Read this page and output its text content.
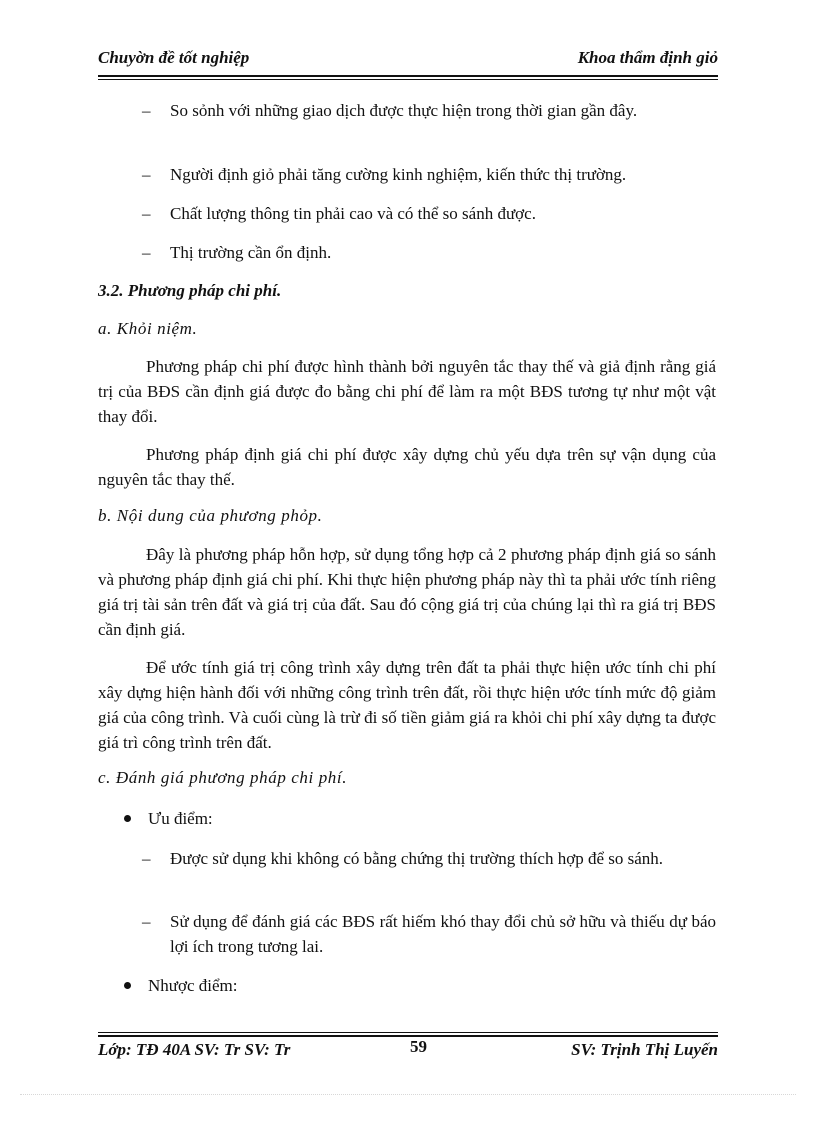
Chuyờn đề tốt nghiệp	Khoa thẩm định giỏ
– So sỏnh với những giao dịch được thực hiện trong thời gian gần đây.
– Người định giỏ phải tăng cường kinh nghiệm, kiến thức thị trường.
– Chất lượng thông tin phải cao và có thể so sánh được.
– Thị trường cần ổn định.
3.2. Phương pháp chi phí.
a. Khỏi niệm.
Phương pháp chi phí được hình thành bởi nguyên tắc thay thế và giả định rằng giá trị của BĐS cần định giá được đo bằng chi phí để làm ra một BĐS tương tự như một vật thay đổi.
Phương pháp định giá chi phí được xây dựng chủ yếu dựa trên sự vận dụng của nguyên tắc thay thế.
b. Nội dung của phương phỏp.
Đây là phương pháp hỗn hợp, sử dụng tổng hợp cả 2 phương pháp định giá so sánh và phương pháp định giá chi phí. Khi thực hiện phương pháp này thì ta phải ước tính riêng giá trị tài sản trên đất và giá trị của đất. Sau đó cộng giá trị của chúng lại thì ra giá trị BĐS cần định giá.
Để ước tính giá trị công trình xây dựng trên đất ta phải thực hiện ước tính chi phí xây dựng hiện hành đối với những công trình trên đất, rồi thực hiện ước tính mức độ giảm giá của công trình. Và cuối cùng là trừ đi số tiền giảm giá ra khỏi chi phí xây dựng ta được giá trì công trình trên đất.
c. Đánh giá phương pháp chi phí.
Ưu điểm:
– Được sử dụng khi không có bằng chứng thị trường thích hợp để so sánh.
– Sử dụng để đánh giá các BĐS rất hiếm khó thay đổi chủ sở hữu và thiếu dự báo lợi ích trong tương lai.
Nhược điểm:
Lớp: TĐ 40A SV: Tr SV: Tr	59	SV: Trịnh Thị Luyến
